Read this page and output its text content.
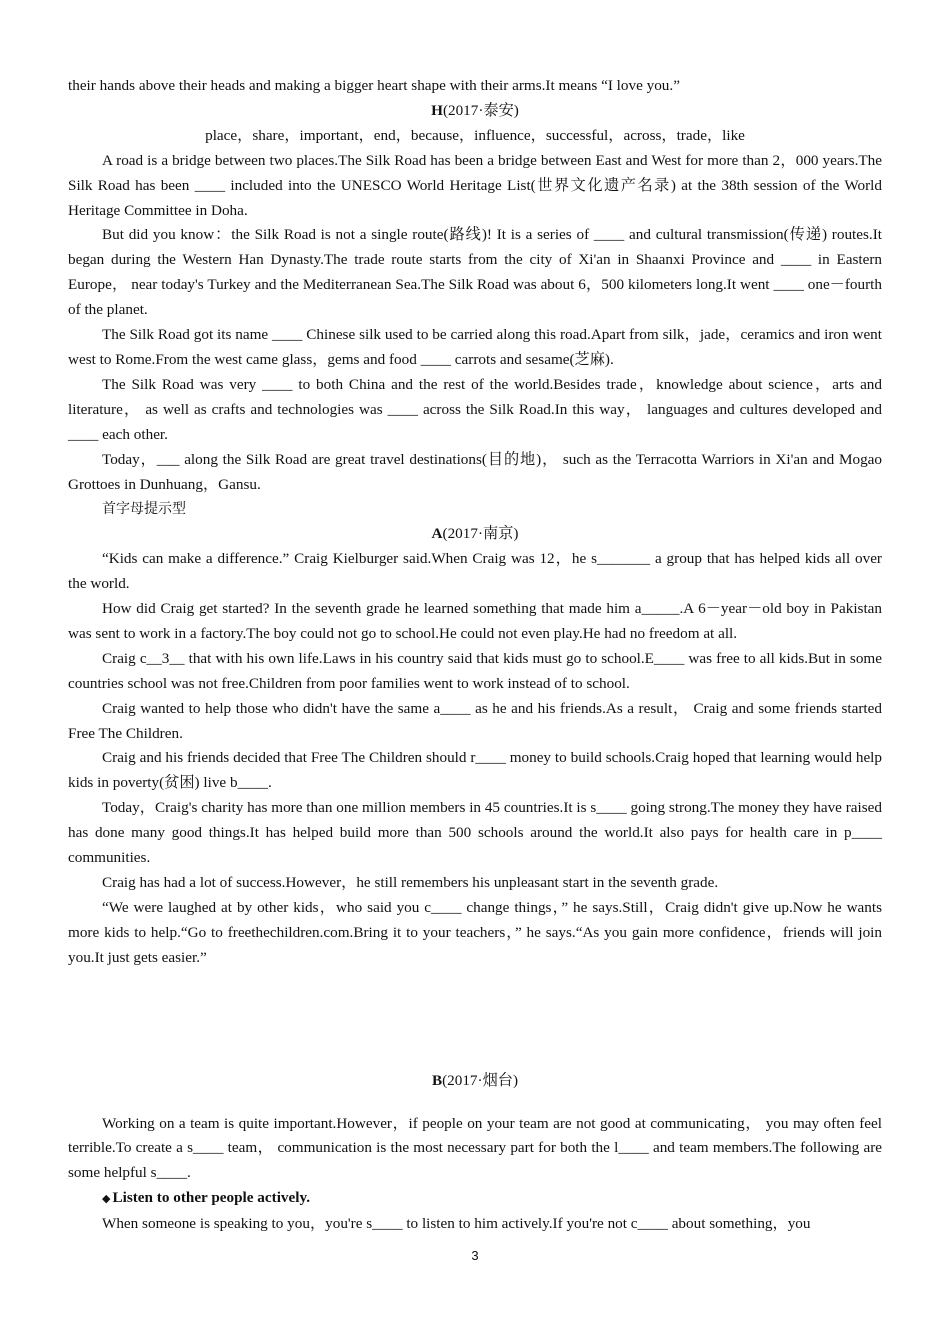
their hands above their heads and making a bigger heart shape with their arms.It means “I love you.”

H(2017·泰安)

place，share，important，end，because，influence，successful，across，trade，like

A road is a bridge between two places.The Silk Road has been a bridge between East and West for more than 2，000 years.The Silk Road has been ____ included into the UNESCO World Heritage List(世界文化遗产名录) at the 38th session of the World Heritage Committee in Doha.

But did you know：the Silk Road is not a single route(路线)! It is a series of ____ and cultural transmission(传递) routes.It began during the Western Han Dynasty.The trade route starts from the city of Xi'an in Shaanxi Province and ____ in Eastern Europe， near today's Turkey and the Mediterranean Sea.The Silk Road was about 6，500 kilometers long.It went ____ one－fourth of the planet.

The Silk Road got its name ____ Chinese silk used to be carried along this road.Apart from silk，jade，ceramics and iron went west to Rome.From the west came glass，gems and food ____ carrots and sesame(芝麻).

The Silk Road was very ____ to both China and the rest of the world.Besides trade，knowledge about science，arts and literature， as well as crafts and technologies was ____ across the Silk Road.In this way， languages and cultures developed and ____ each other.

Today，___ along the Silk Road are great travel destinations(目的地)， such as the Terracotta Warriors in Xi'an and Mogao Grottoes in Dunhuang，Gansu.

首字母提示型

A(2017·南京)

“Kids can make a difference.” Craig Kielburger said.When Craig was 12，he s_______ a group that has helped kids all over the world.

How did Craig get started? In the seventh grade he learned something that made him a_____.A 6－year－old boy in Pakistan was sent to work in a factory.The boy could not go to school.He could not even play.He had no freedom at all.

Craig c__3__ that with his own life.Laws in his country said that kids must go to school.E____ was free to all kids.But in some countries school was not free.Children from poor families went to work instead of to school.

Craig wanted to help those who didn't have the same a____ as he and his friends.As a result， Craig and some friends started Free The Children.

Craig and his friends decided that Free The Children should r____ money to build schools.Craig hoped that learning would help kids in poverty(贫困) live b____.

Today，Craig's charity has more than one million members in 45 countries.It is s____ going strong.The money they have raised has done many good things.It has helped build more than 500 schools around the world.It also pays for health care in p____ communities.

Craig has had a lot of success.However，he still remembers his unpleasant start in the seventh grade.

“We were laughed at by other kids，who said you c____ change things，” he says.Still，Craig didn't give up.Now he wants more kids to help.“Go to freethechildren.com.Bring it to your teachers，” he says.“As you gain more confidence，friends will join you.It just gets easier.”

B(2017·烟台)

Working on a team is quite important.However，if people on your team are not good at communicating， you may often feel terrible.To create a s____ team， communication is the most necessary part for both the l____ and team members.The following are some helpful s____.

◆ Listen to other people actively.

When someone is speaking to you，you're s____ to listen to him actively.If you're not c____ about something，you

3
